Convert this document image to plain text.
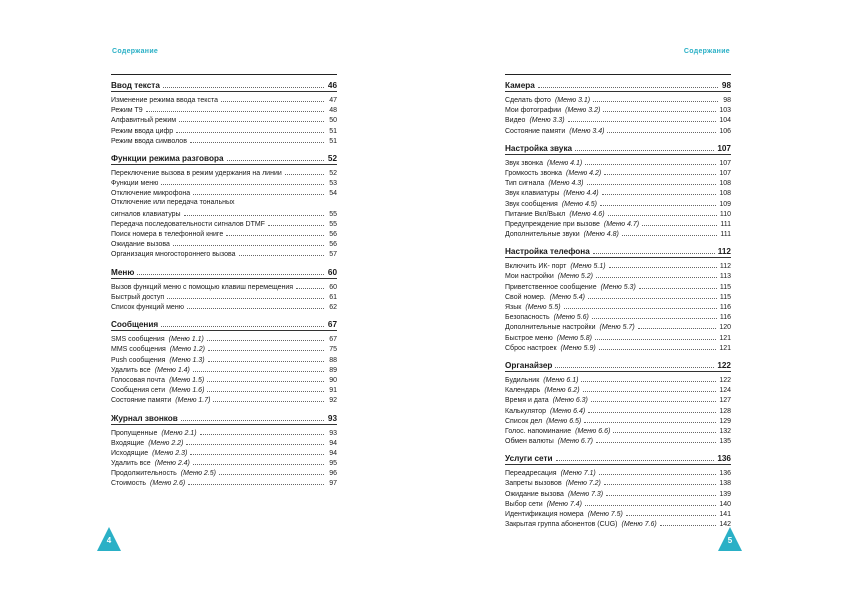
Содержание
Ввод текста	46
Изменение режима ввода текста	47
Режим T9	48
Алфавитный режим	50
Режим ввода цифр	51
Режим ввода символов	51
Функции режима разговора	52
Переключение вызова в режим удержания на линии	52
Функции меню	53
Отключение микрофона	54
Отключение или передача тональных
сигналов клавиатуры	55
Передача последовательности сигналов DTMF	55
Поиск номера в телефонной книге	56
Ожидание вызова	56
Организация многостороннего вызова	57
Меню	60
Вызов функций меню с помощью клавиш перемещения	60
Быстрый доступ	61
Список функций меню	62
Сообщения	67
SMS сообщения (Меню 1.1)	67
MMS сообщения (Меню 1.2)	75
Push сообщения (Меню 1.3)	88
Удалить все (Меню 1.4)	89
Голосовая почта (Меню 1.5)	90
Сообщения сети (Меню 1.6)	91
Состояние памяти (Меню 1.7)	92
Журнал звонков	93
Пропущенные (Меню 2.1)	93
Входящие (Меню 2.2)	94
Исходящие (Меню 2.3)	94
Удалить все (Меню 2.4)	95
Продолжительность (Меню 2.5)	96
Стоимость (Меню 2.6)	97
4
Содержание
Камера	98
Сделать фото (Меню 3.1)	98
Мои фотографии (Меню 3.2)	103
Видео (Меню 3.3)	104
Состояние памяти (Меню 3.4)	106
Настройка звука	107
Звук звонка (Меню 4.1)	107
Громкость звонка (Меню 4.2)	107
Тип сигнала (Меню 4.3)	108
Звук клавиатуры (Меню 4.4)	108
Звук сообщения (Меню 4.5)	109
Питание Вкл/Выкл (Меню 4.6)	110
Предупреждение при вызове (Меню 4.7)	111
Дополнительные звуки (Меню 4.8)	111
Настройка телефона	112
Включить ИК- порт (Меню 5.1)	112
Мои настройки (Меню 5.2)	113
Приветственное сообщение (Меню 5.3)	115
Свой номер. (Меню 5.4)	115
Язык (Меню 5.5)	116
Безопасность (Меню 5.6)	116
Дополнительные настройки (Меню 5.7)	120
Быстрое меню (Меню 5.8)	121
Сброс настроек (Меню 5.9)	121
Органайзер	122
Будильник (Меню 6.1)	122
Календарь (Меню 6.2)	124
Время и дата (Меню 6.3)	127
Калькулятор (Меню 6.4)	128
Список дел (Меню 6.5)	129
Голос. напоминание (Меню 6.6)	132
Обмен валюты (Меню 6.7)	135
Услуги сети	136
Переадресация (Меню 7.1)	136
Запреты вызовов (Меню 7.2)	138
Ожидание вызова (Меню 7.3)	139
Выбор сети (Меню 7.4)	140
Идентификация номера (Меню 7.5)	141
Закрытая группа абонентов (CUG) (Меню 7.6)	142
5
